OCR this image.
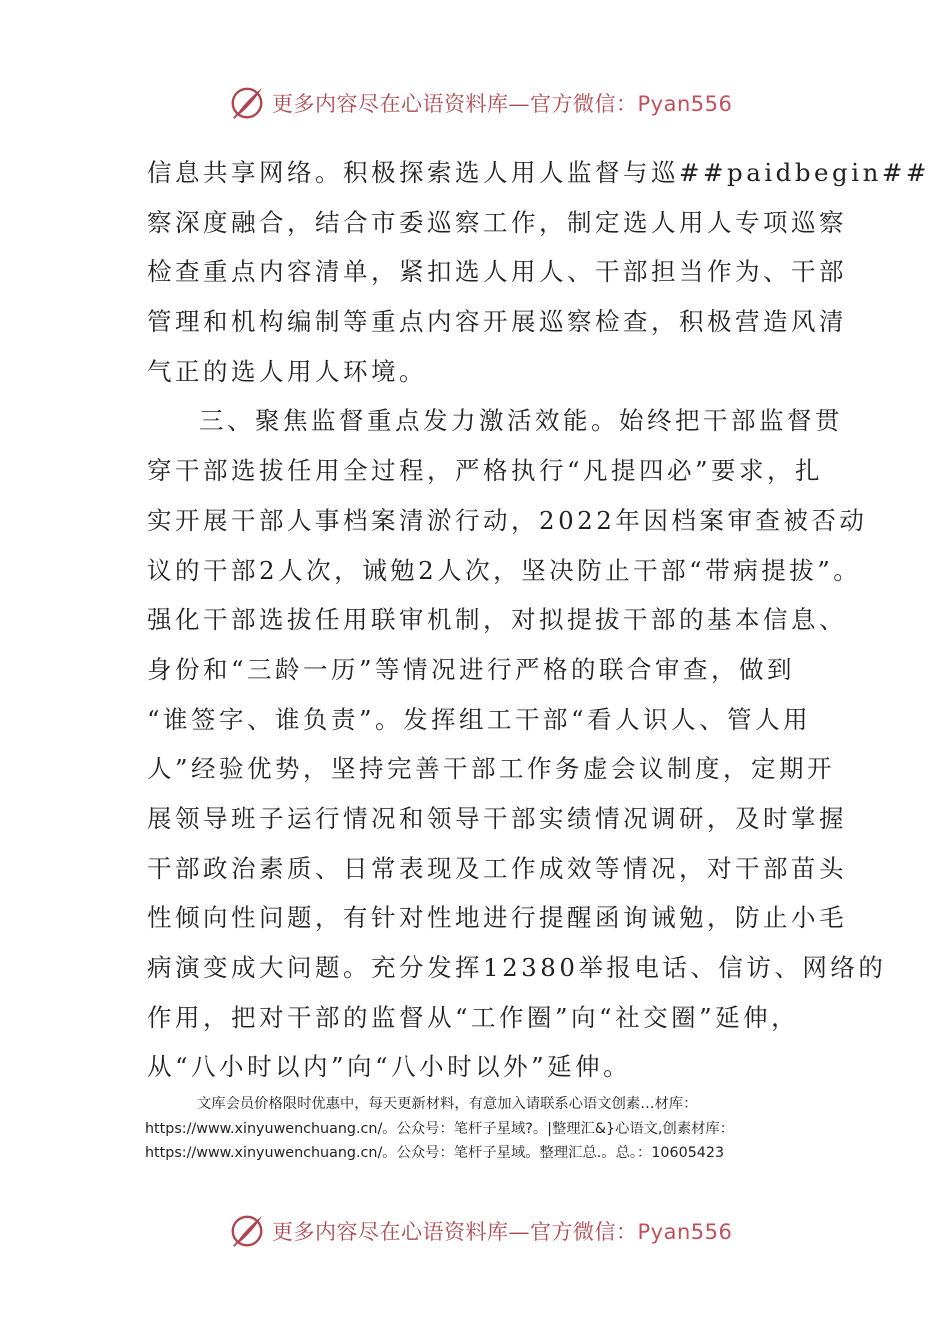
更多内容尽在心语资料库—官方微信：Pyan556
信息共享网络。积极探索选人用人监督与巡##paidbegin##
察深度融合，结合市委巡察工作，制定选人用人专项巡察
检查重点内容清单，紧扣选人用人、干部担当作为、干部
管理和机构编制等重点内容开展巡察检查，积极营造风清
气正的选人用人环境。
三、聚焦监督重点发力激活效能。始终把干部监督贯
穿干部选拔任用全过程，严格执行“凡提四必”要求，扎
实开展干部人事档案清淤行动，2022年因档案审查被否动
议的干部2人次，诫勉2人次，坚决防止干部“带病提拔”。
强化干部选拔任用联审机制，对拟提拔干部的基本信息、
身份和“三龄一历”等情况进行严格的联合审查，做到
“谁签字、谁负责”。发挥组工干部“看人识人、管人用
人”经验优势，坚持完善干部工作务虚会议制度，定期开
展领导班子运行情况和领导干部实绩情况调研，及时掌握
干部政治素质、日常表现及工作成效等情况，对干部苗头
性倾向性问题，有针对性地进行提醒函询诫勉，防止小毛
病演变成大问题。充分发挥12380举报电话、信访、网络的
作用，把对干部的监督从“工作圈”向“社交圈”延伸，
从“八小时以内”向“八小时以外”延伸。
文库会员价格限时优惠中，每天更新材料，有意加入请联系心语文创素…材库：
https://www.xinyuwenchuang.cn/。公众号：笔杆子星域?。|整理汇&}心语文,创素材库：
https://www.xinyuwenchuang.cn/。公众号：笔杆子星域。整理汇总.。总。：10605423
更多内容尽在心语资料库—官方微信：Pyan556
